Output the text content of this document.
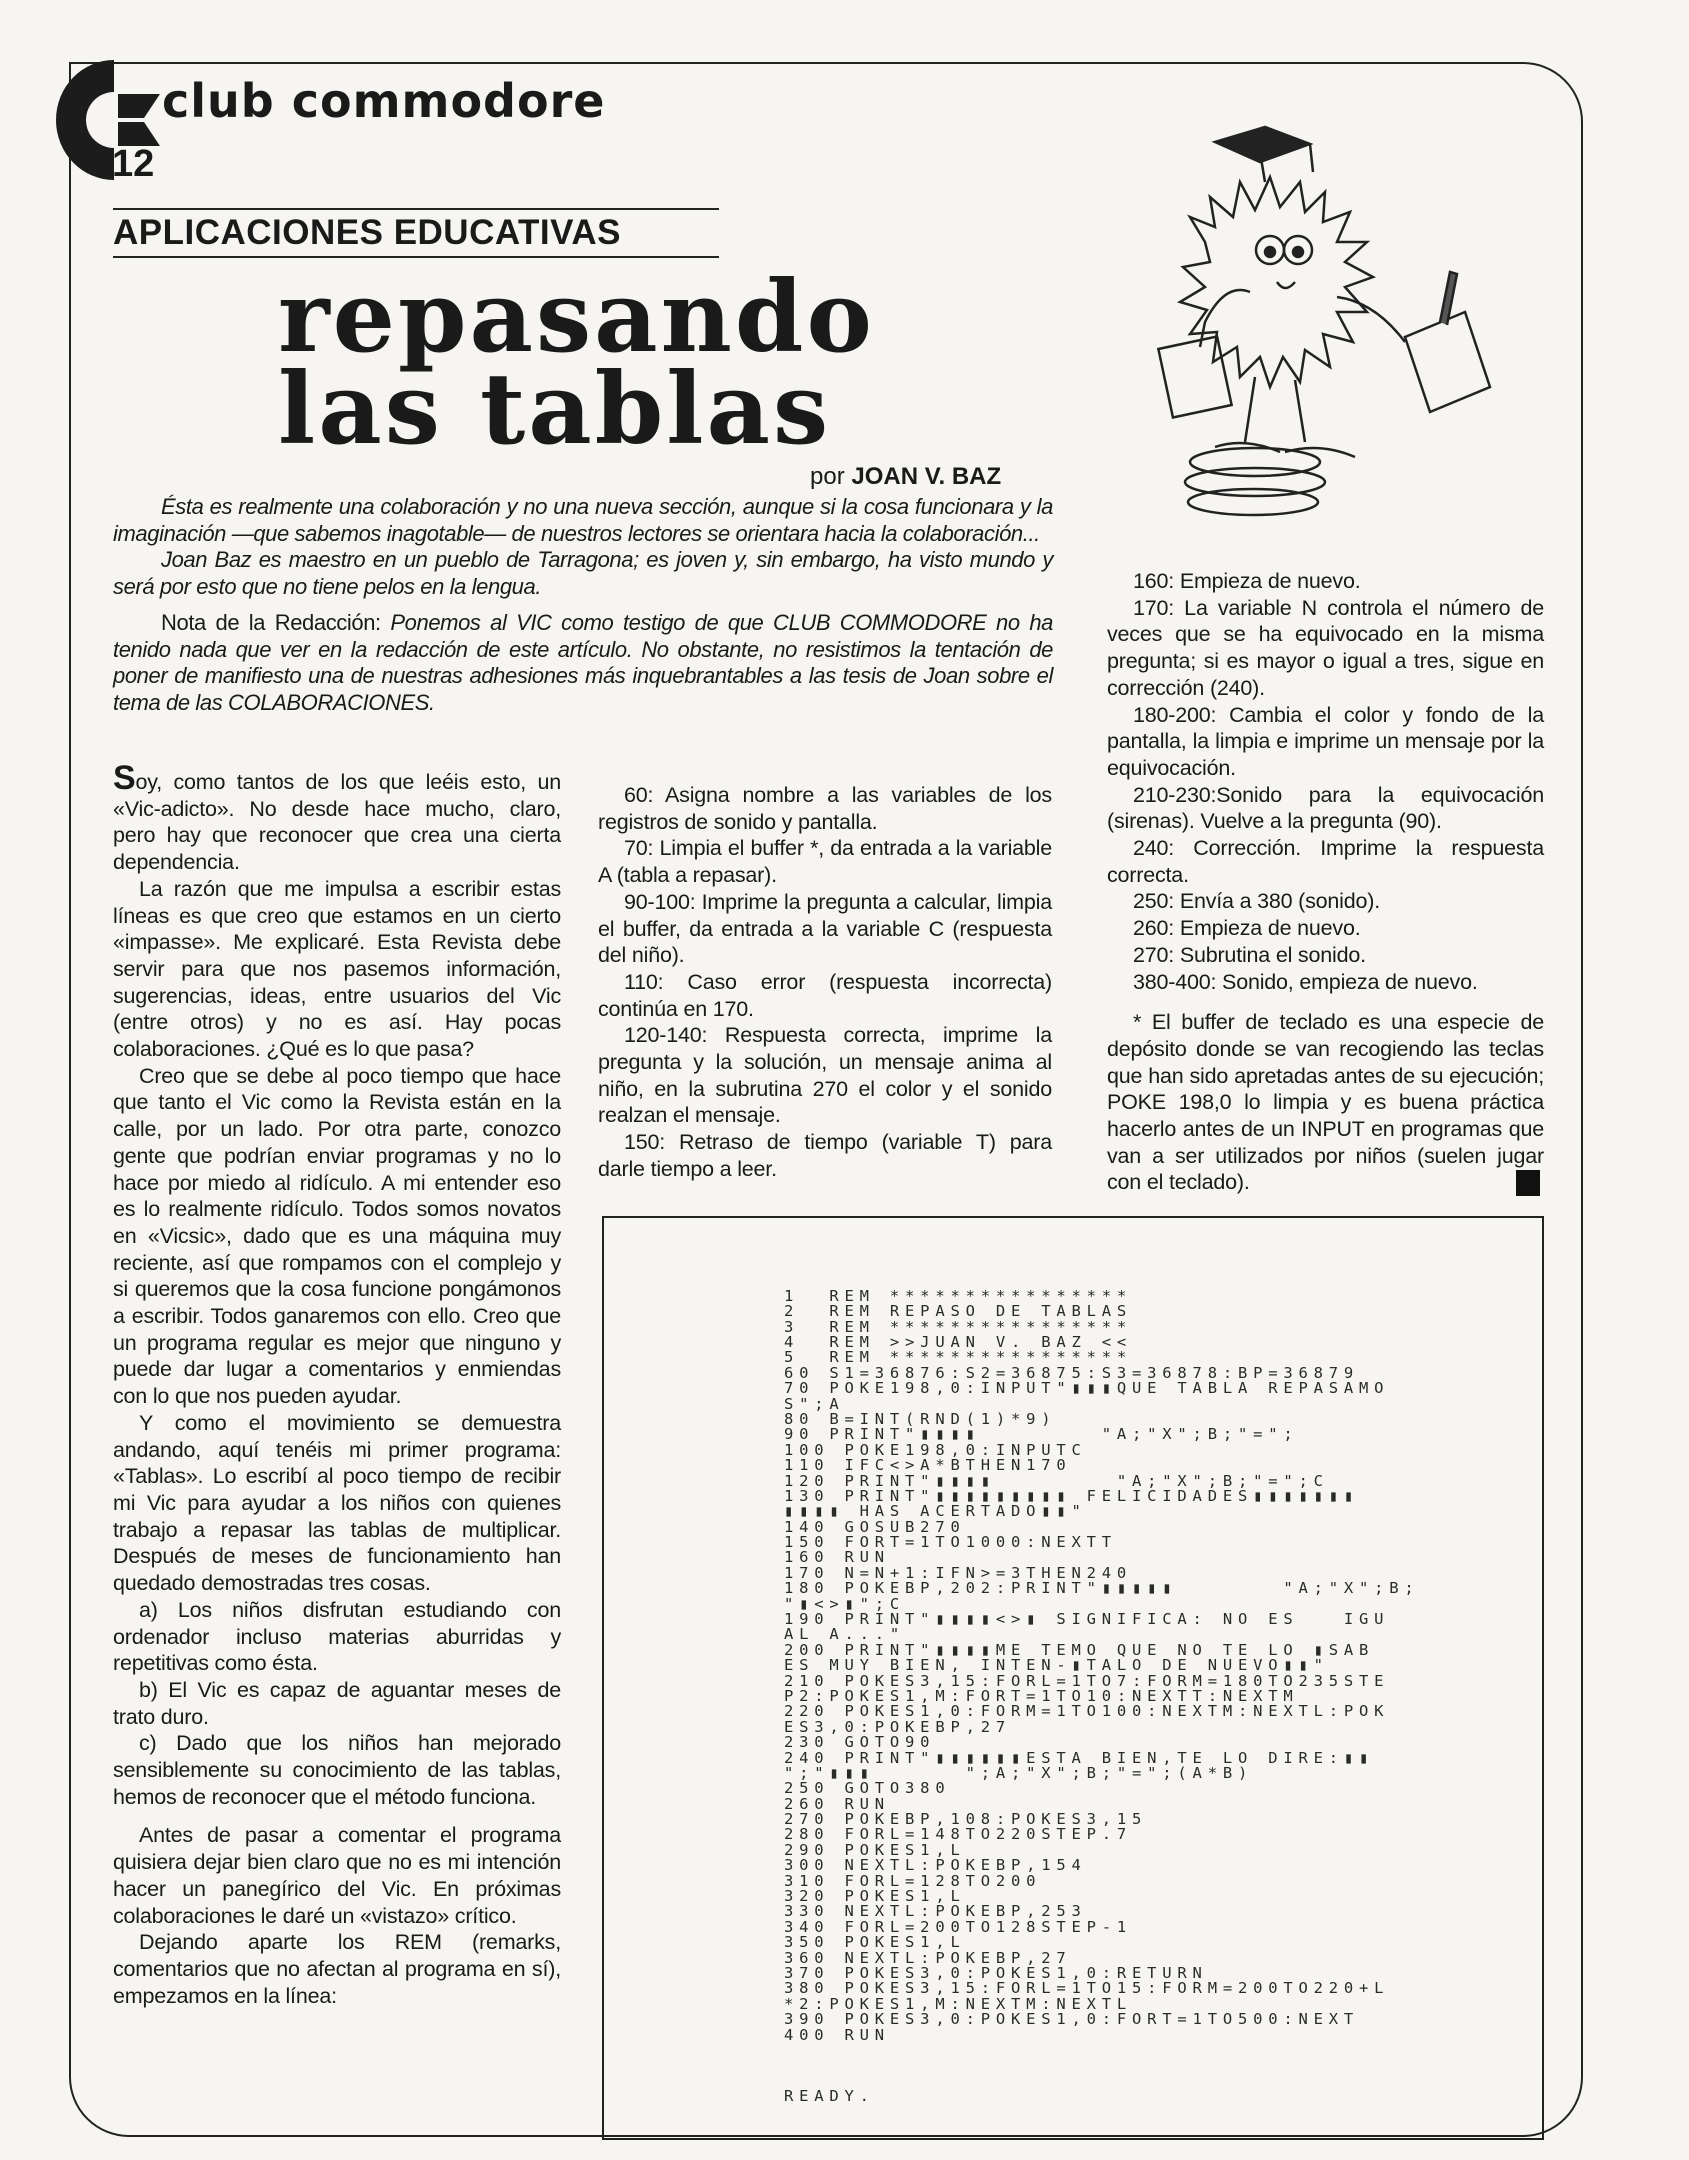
club commodore
12
APLICACIONES EDUCATIVAS
repasando
las tablas
por JOAN V. BAZ

Ésta es realmente una colaboración y no una nueva sección, aunque si la cosa funcionara y la imaginación —que sabemos inagotable— de nuestros lectores se orientara hacia la colaboración...

Joan Baz es maestro en un pueblo de Tarragona; es joven y, sin embargo, ha visto mundo y será por esto que no tiene pelos en la lengua.

Nota de la Redacción: Ponemos al VIC como testigo de que CLUB COMMODORE no ha tenido nada que ver en la redacción de este artículo. No obstante, no resistimos la tentación de poner de manifiesto una de nuestras adhesiones más inquebrantables a las tesis de Joan sobre el tema de las COLABORACIONES.

Soy, como tantos de los que leéis esto, un «Vic-adicto». No desde hace mucho, claro, pero hay que reconocer que crea una cierta dependencia.

La razón que me impulsa a escribir estas líneas es que creo que estamos en un cierto «impasse». Me explicaré. Esta Revista debe servir para que nos pasemos información, sugerencias, ideas, entre usuarios del Vic (entre otros) y no es así. Hay pocas colaboraciones. ¿Qué es lo que pasa?

Creo que se debe al poco tiempo que hace que tanto el Vic como la Revista están en la calle, por un lado. Por otra parte, conozco gente que podrían enviar programas y no lo hace por miedo al ridículo. A mi entender eso es lo realmente ridículo. Todos somos novatos en «Vicsic», dado que es una máquina muy reciente, así que rompamos con el complejo y si queremos que la cosa funcione pongámonos a escribir. Todos ganaremos con ello. Creo que un programa regular es mejor que ninguno y puede dar lugar a comentarios y enmiendas con lo que nos pueden ayudar.

Y como el movimiento se demuestra andando, aquí tenéis mi primer programa: «Tablas». Lo escribí al poco tiempo de recibir mi Vic para ayudar a los niños con quienes trabajo a repasar las tablas de multiplicar. Después de meses de funcionamiento han quedado demostradas tres cosas.

a) Los niños disfrutan estudiando con ordenador incluso materias aburridas y repetitivas como ésta.

b) El Vic es capaz de aguantar meses de trato duro.

c) Dado que los niños han mejorado sensiblemente su conocimiento de las tablas, hemos de reconocer que el método funciona.

Antes de pasar a comentar el programa quisiera dejar bien claro que no es mi intención hacer un panegírico del Vic. En próximas colaboraciones le daré un «vistazo» crítico.

Dejando aparte los REM (remarks, comentarios que no afectan al programa en sí), empezamos en la línea:

60: Asigna nombre a las variables de los registros de sonido y pantalla.

70: Limpia el buffer *, da entrada a la variable A (tabla a repasar).

90-100: Imprime la pregunta a calcular, limpia el buffer, da entrada a la variable C (respuesta del niño).

110: Caso error (respuesta incorrecta) continúa en 170.

120-140: Respuesta correcta, imprime la pregunta y la solución, un mensaje anima al niño, en la subrutina 270 el color y el sonido realzan el mensaje.

150: Retraso de tiempo (variable T) para darle tiempo a leer.

160: Empieza de nuevo.

170: La variable N controla el número de veces que se ha equivocado en la misma pregunta; si es mayor o igual a tres, sigue en corrección (240).

180-200: Cambia el color y fondo de la pantalla, la limpia e imprime un mensaje por la equivocación.

210-230:Sonido para la equivocación (sirenas). Vuelve a la pregunta (90).

240: Corrección. Imprime la respuesta correcta.

250: Envía a 380 (sonido).

260: Empieza de nuevo.

270: Subrutina el sonido.

380-400: Sonido, empieza de nuevo.

* El buffer de teclado es una especie de depósito donde se van recogiendo las teclas que han sido apretadas antes de su ejecución; POKE 198,0 lo limpia y es buena práctica hacerlo antes de un INPUT en programas que van a ser utilizados por niños (suelen jugar con el teclado).

1  REM ****************
2  REM REPASO DE TABLAS
3  REM ****************
4  REM >>JUAN V. BAZ <<
5  REM ****************
60 S1=36876:S2=36875:S3=36878:BP=36879
70 POKE198,0:INPUT"▮▮▮QUE TABLA REPASAMO
S";A
80 B=INT(RND(1)*9)
90 PRINT"▮▮▮▮        "A;"X";B;"=";
100 POKE198,0:INPUTC
110 IFC<>A*BTHEN170
120 PRINT"▮▮▮▮        "A;"X";B;"=";C
130 PRINT"▮▮▮▮▮▮▮▮▮ FELICIDADES▮▮▮▮▮▮▮
▮▮▮▮ HAS ACERTADO▮▮"
140 GOSUB270
150 FORT=1TO1000:NEXTT
160 RUN
170 N=N+1:IFN>=3THEN240
180 POKEBP,202:PRINT"▮▮▮▮▮       "A;"X";B;
"▮<>▮";C
190 PRINT"▮▮▮▮<>▮ SIGNIFICA: NO ES   IGU
AL A..."
200 PRINT"▮▮▮▮ME TEMO QUE NO TE LO ▮SAB
ES MUY BIEN, INTEN-▮TALO DE NUEVO▮▮"
210 POKES3,15:FORL=1TO7:FORM=180TO235STE
P2:POKES1,M:FORT=1TO10:NEXTT:NEXTM
220 POKES1,0:FORM=1TO100:NEXTM:NEXTL:POK
ES3,0:POKEBP,27
230 GOTO90
240 PRINT"▮▮▮▮▮▮ESTA BIEN,TE LO DIRE:▮▮
";"▮▮▮      ";A;"X";B;"=";(A*B)
250 GOTO380
260 RUN
270 POKEBP,108:POKES3,15
280 FORL=148TO220STEP.7
290 POKES1,L
300 NEXTL:POKEBP,154
310 FORL=128TO200
320 POKES1,L
330 NEXTL:POKEBP,253
340 FORL=200TO128STEP-1
350 POKES1,L
360 NEXTL:POKEBP,27
370 POKES3,0:POKES1,0:RETURN
380 POKES3,15:FORL=1TO15:FORM=200TO220+L
*2:POKES1,M:NEXTM:NEXTL
390 POKES3,0:POKES1,0:FORT=1TO500:NEXT
400 RUN

READY.
